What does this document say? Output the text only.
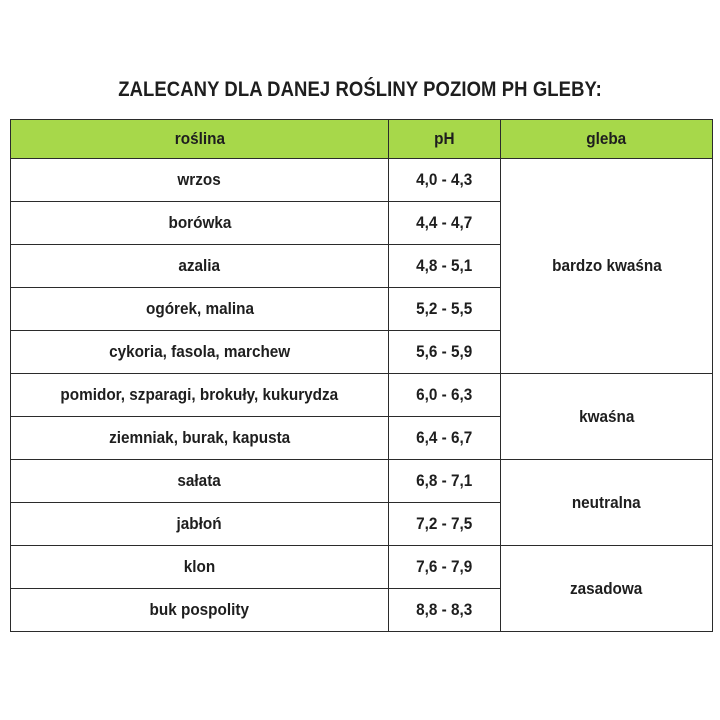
ZALECANY DLA DANEJ ROŚLINY POZIOM PH GLEBY:
roślina	pH	gleba
wrzos	4,0 - 4,3	bardzo kwaśna
borówka	4,4 - 4,7	
azalia	4,8 - 5,1	
ogórek, malina	5,2 - 5,5	
cykoria, fasola, marchew	5,6 - 5,9	
pomidor, szparagi, brokuły, kukurydza	6,0 - 6,3	kwaśna
ziemniak, burak, kapusta	6,4 - 6,7	
sałata	6,8 - 7,1	neutralna
jabłoń	7,2 - 7,5	
klon	7,6 - 7,9	zasadowa
buk pospolity	8,8 - 8,3	
